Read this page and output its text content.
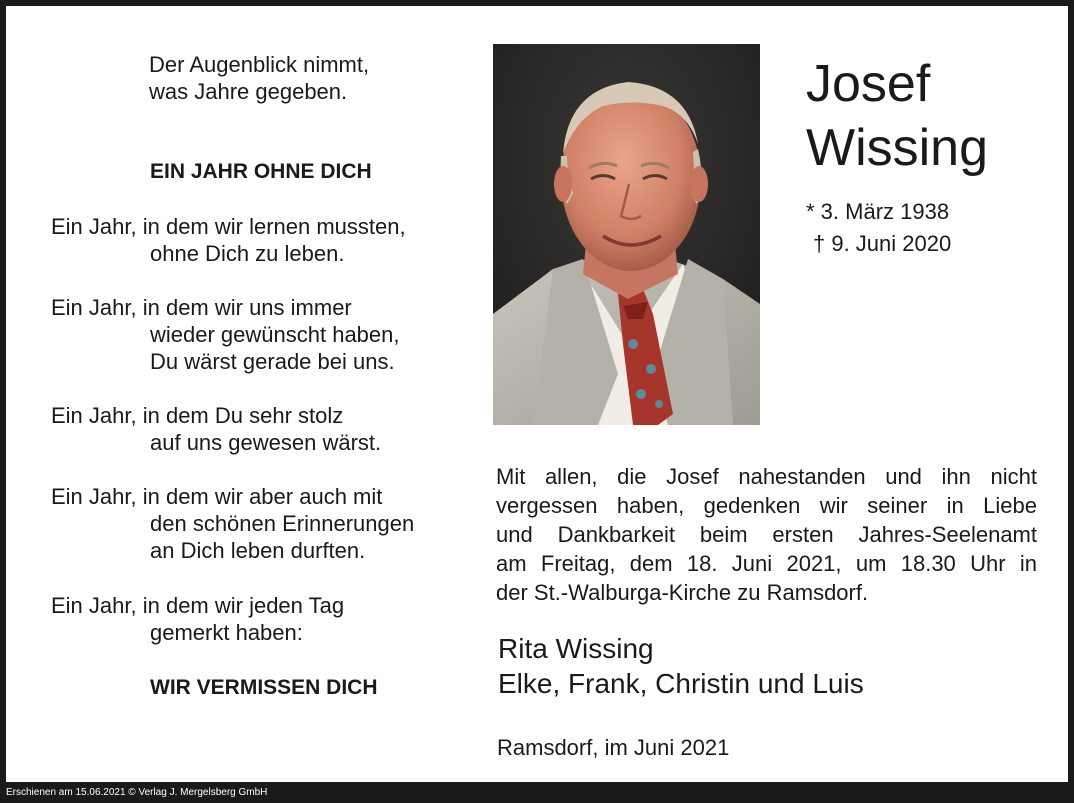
Der Augenblick nimmt,
was Jahre gegeben.
EIN JAHR OHNE DICH
Ein Jahr, in dem wir lernen mussten,
ohne Dich zu leben.
Ein Jahr, in dem wir uns immer
wieder gewünscht haben,
Du wärst gerade bei uns.
Ein Jahr, in dem Du sehr stolz
auf uns gewesen wärst.
Ein Jahr, in dem wir aber auch mit
den schönen Erinnerungen
an Dich leben durften.
Ein Jahr, in dem wir jeden Tag
gemerkt haben:
WIR VERMISSEN DICH
Josef
Wissing
* 3. März 1938
† 9. Juni 2020
Mit allen, die Josef nahestanden und ihn nicht
vergessen haben, gedenken wir seiner in Liebe
und Dankbarkeit beim ersten Jahres-Seelenamt
am Freitag, dem 18. Juni 2021, um 18.30 Uhr in
der St.-Walburga-Kirche zu Ramsdorf.
Rita Wissing
Elke, Frank, Christin und Luis
Ramsdorf, im Juni 2021
Erschienen am 15.06.2021 © Verlag J. Mergelsberg GmbH
